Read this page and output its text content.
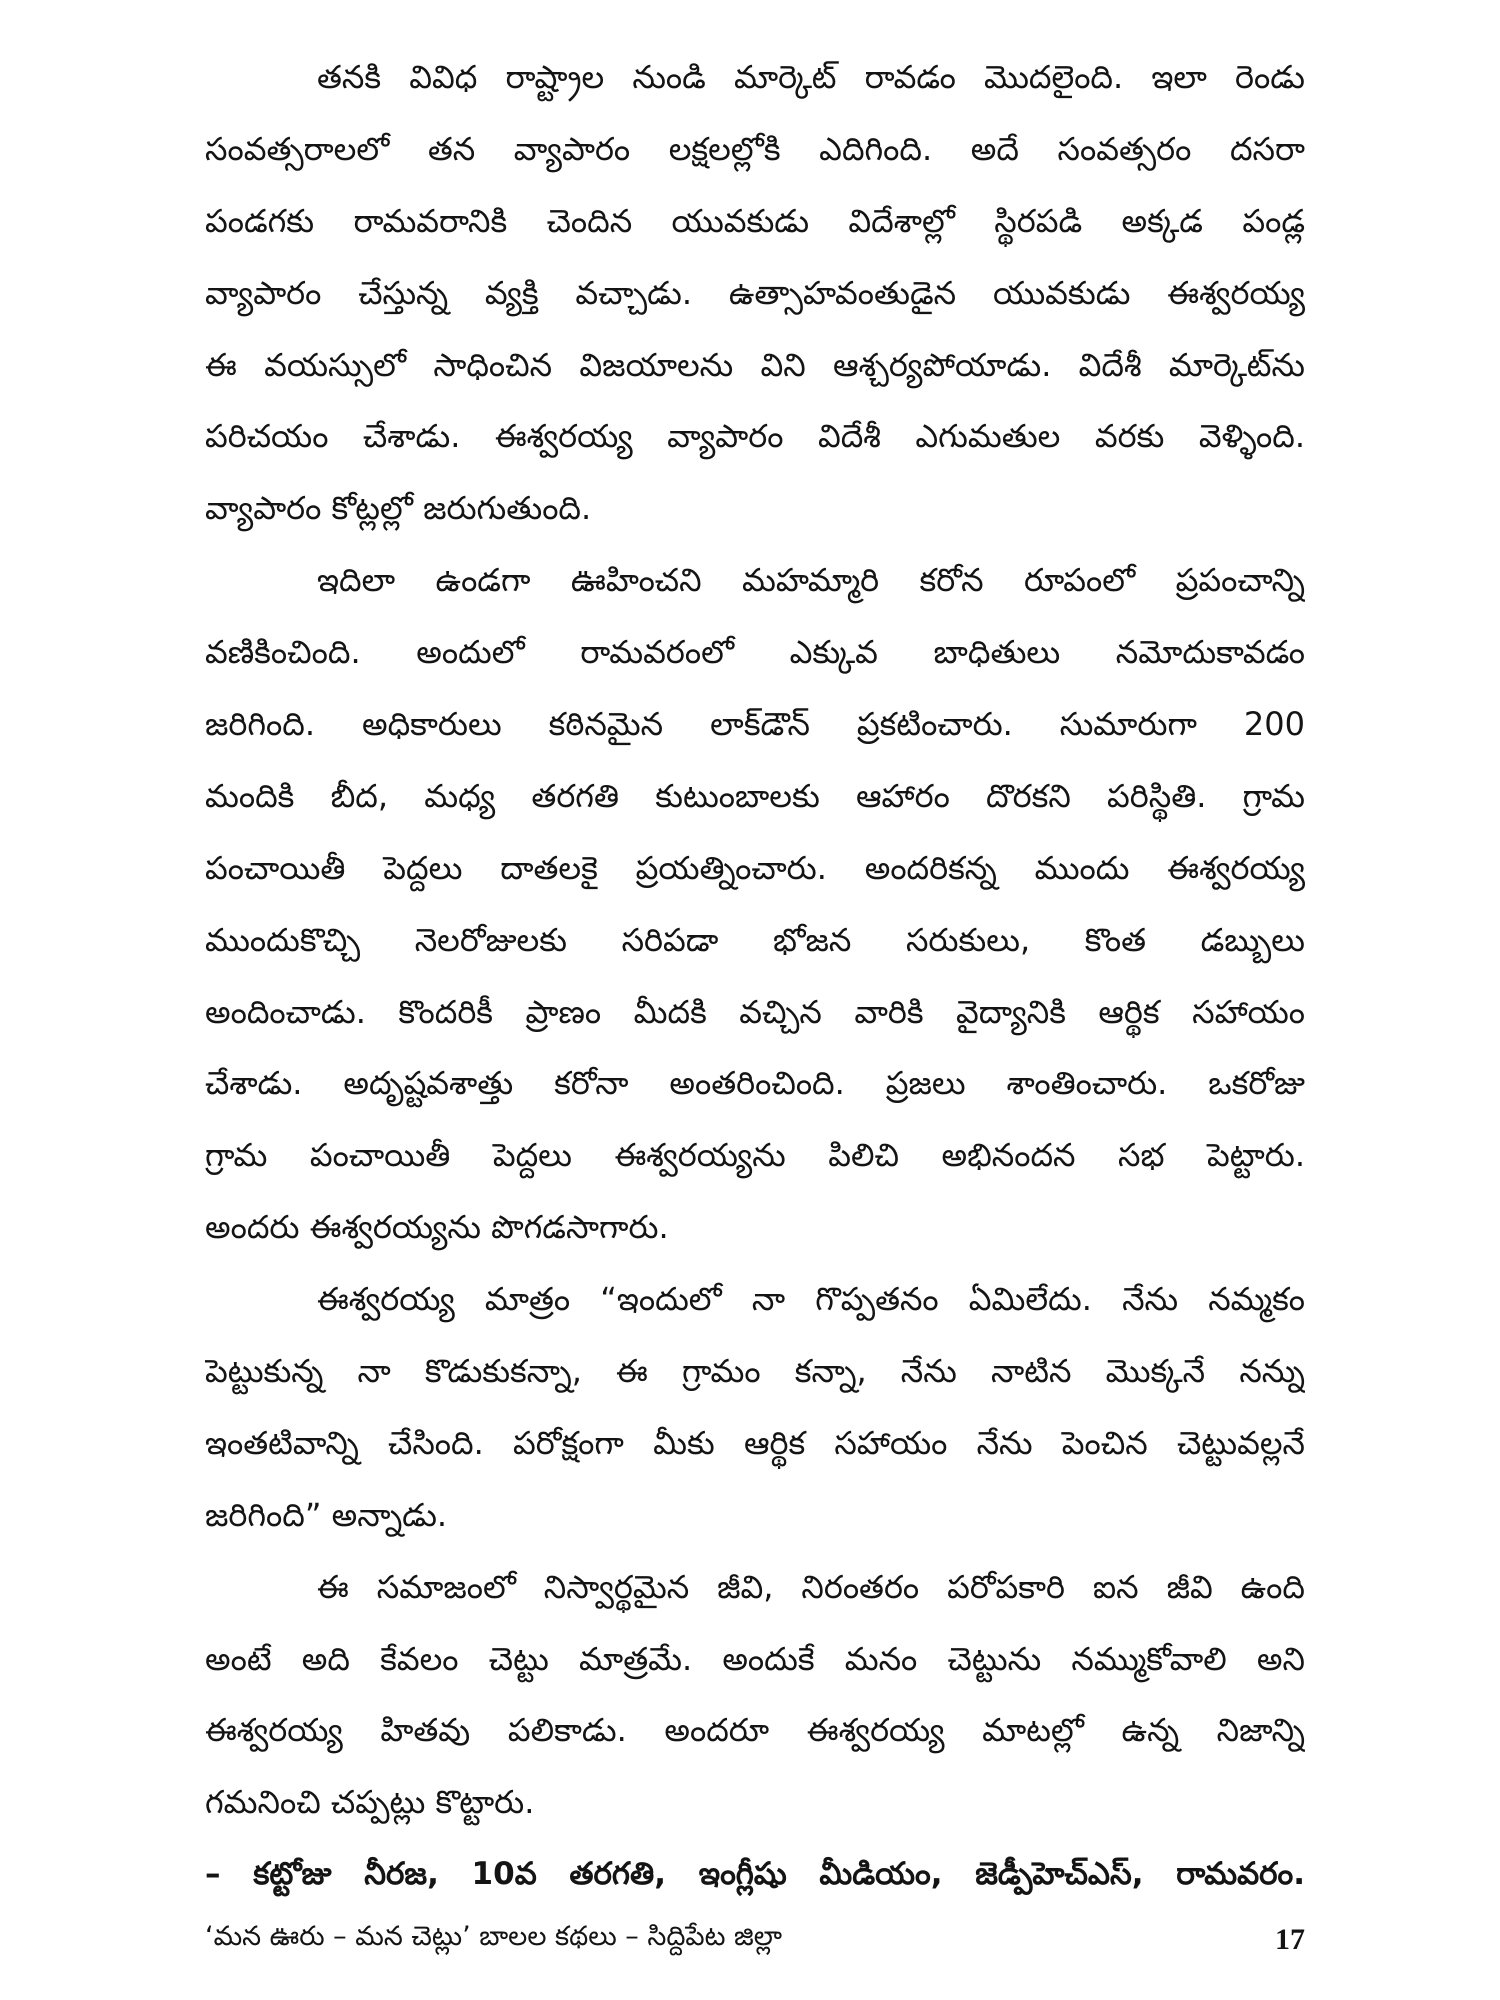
తనకి వివిధ రాష్ట్రాల నుండి మార్కెట్ రావడం మొదలైంది. ఇలా రెండు
సంవత్సరాలలో తన వ్యాపారం లక్షలల్లోకి ఎదిగింది. అదే సంవత్సరం దసరా
పండగకు రామవరానికి చెందిన యువకుడు విదేశాల్లో స్థిరపడి అక్కడ పండ్ల
వ్యాపారం చేస్తున్న వ్యక్తి వచ్చాడు. ఉత్సాహవంతుడైన యువకుడు ఈశ్వరయ్య
ఈ వయస్సులో సాధించిన విజయాలను విని ఆశ్చర్యపోయాడు. విదేశీ మార్కెట్‌ను
పరిచయం చేశాడు. ఈశ్వరయ్య వ్యాపారం విదేశీ ఎగుమతుల వరకు వెళ్ళింది.
వ్యాపారం కోట్లల్లో జరుగుతుంది.
ఇదిలా ఉండగా ఊహించని మహమ్మారి కరోన రూపంలో ప్రపంచాన్ని
వణికించింది. అందులో రామవరంలో ఎక్కువ బాధితులు నమోదుకావడం
జరిగింది. అధికారులు కఠినమైన లాక్‌డౌన్ ప్రకటించారు. సుమారుగా 200
మందికి బీద, మధ్య తరగతి కుటుంబాలకు ఆహారం దొరకని పరిస్థితి. గ్రామ
పంచాయితీ పెద్దలు దాతలకై ప్రయత్నించారు. అందరికన్న ముందు ఈశ్వరయ్య
ముందుకొచ్చి నెలరోజులకు సరిపడా భోజన సరుకులు, కొంత డబ్బులు
అందించాడు. కొందరికీ ప్రాణం మీదకి వచ్చిన వారికి వైద్యానికి ఆర్థిక సహాయం
చేశాడు. అదృష్టవశాత్తు కరోనా అంతరించింది. ప్రజలు శాంతించారు. ఒకరోజు
గ్రామ పంచాయితీ పెద్దలు ఈశ్వరయ్యను పిలిచి అభినందన సభ పెట్టారు.
అందరు ఈశ్వరయ్యను పొగడసాగారు.
ఈశ్వరయ్య మాత్రం “ఇందులో నా గొప్పతనం ఏమిలేదు. నేను నమ్మకం
పెట్టుకున్న నా కొడుకుకన్నా, ఈ గ్రామం కన్నా, నేను నాటిన మొక్కనే నన్ను
ఇంతటివాన్ని చేసింది. పరోక్షంగా మీకు ఆర్థిక సహాయం నేను పెంచిన చెట్టువల్లనే
జరిగింది” అన్నాడు.
ఈ సమాజంలో నిస్వార్థమైన జీవి, నిరంతరం పరోపకారి ఐన జీవి ఉంది
అంటే అది కేవలం చెట్టు మాత్రమే. అందుకే మనం చెట్టును నమ్ముకోవాలి అని
ఈశ్వరయ్య హితవు పలికాడు. అందరూ ఈశ్వరయ్య మాటల్లో ఉన్న నిజాన్ని
గమనించి చప్పట్లు కొట్టారు.
– కట్టోజు నీరజ, 10వ తరగతి, ఇంగ్లీషు మీడియం, జెడ్పీహెచ్ఎస్, రామవరం.
‘మన ఊరు – మన చెట్లు’ బాలల కథలు – సిద్దిపేట జిల్లా	17
